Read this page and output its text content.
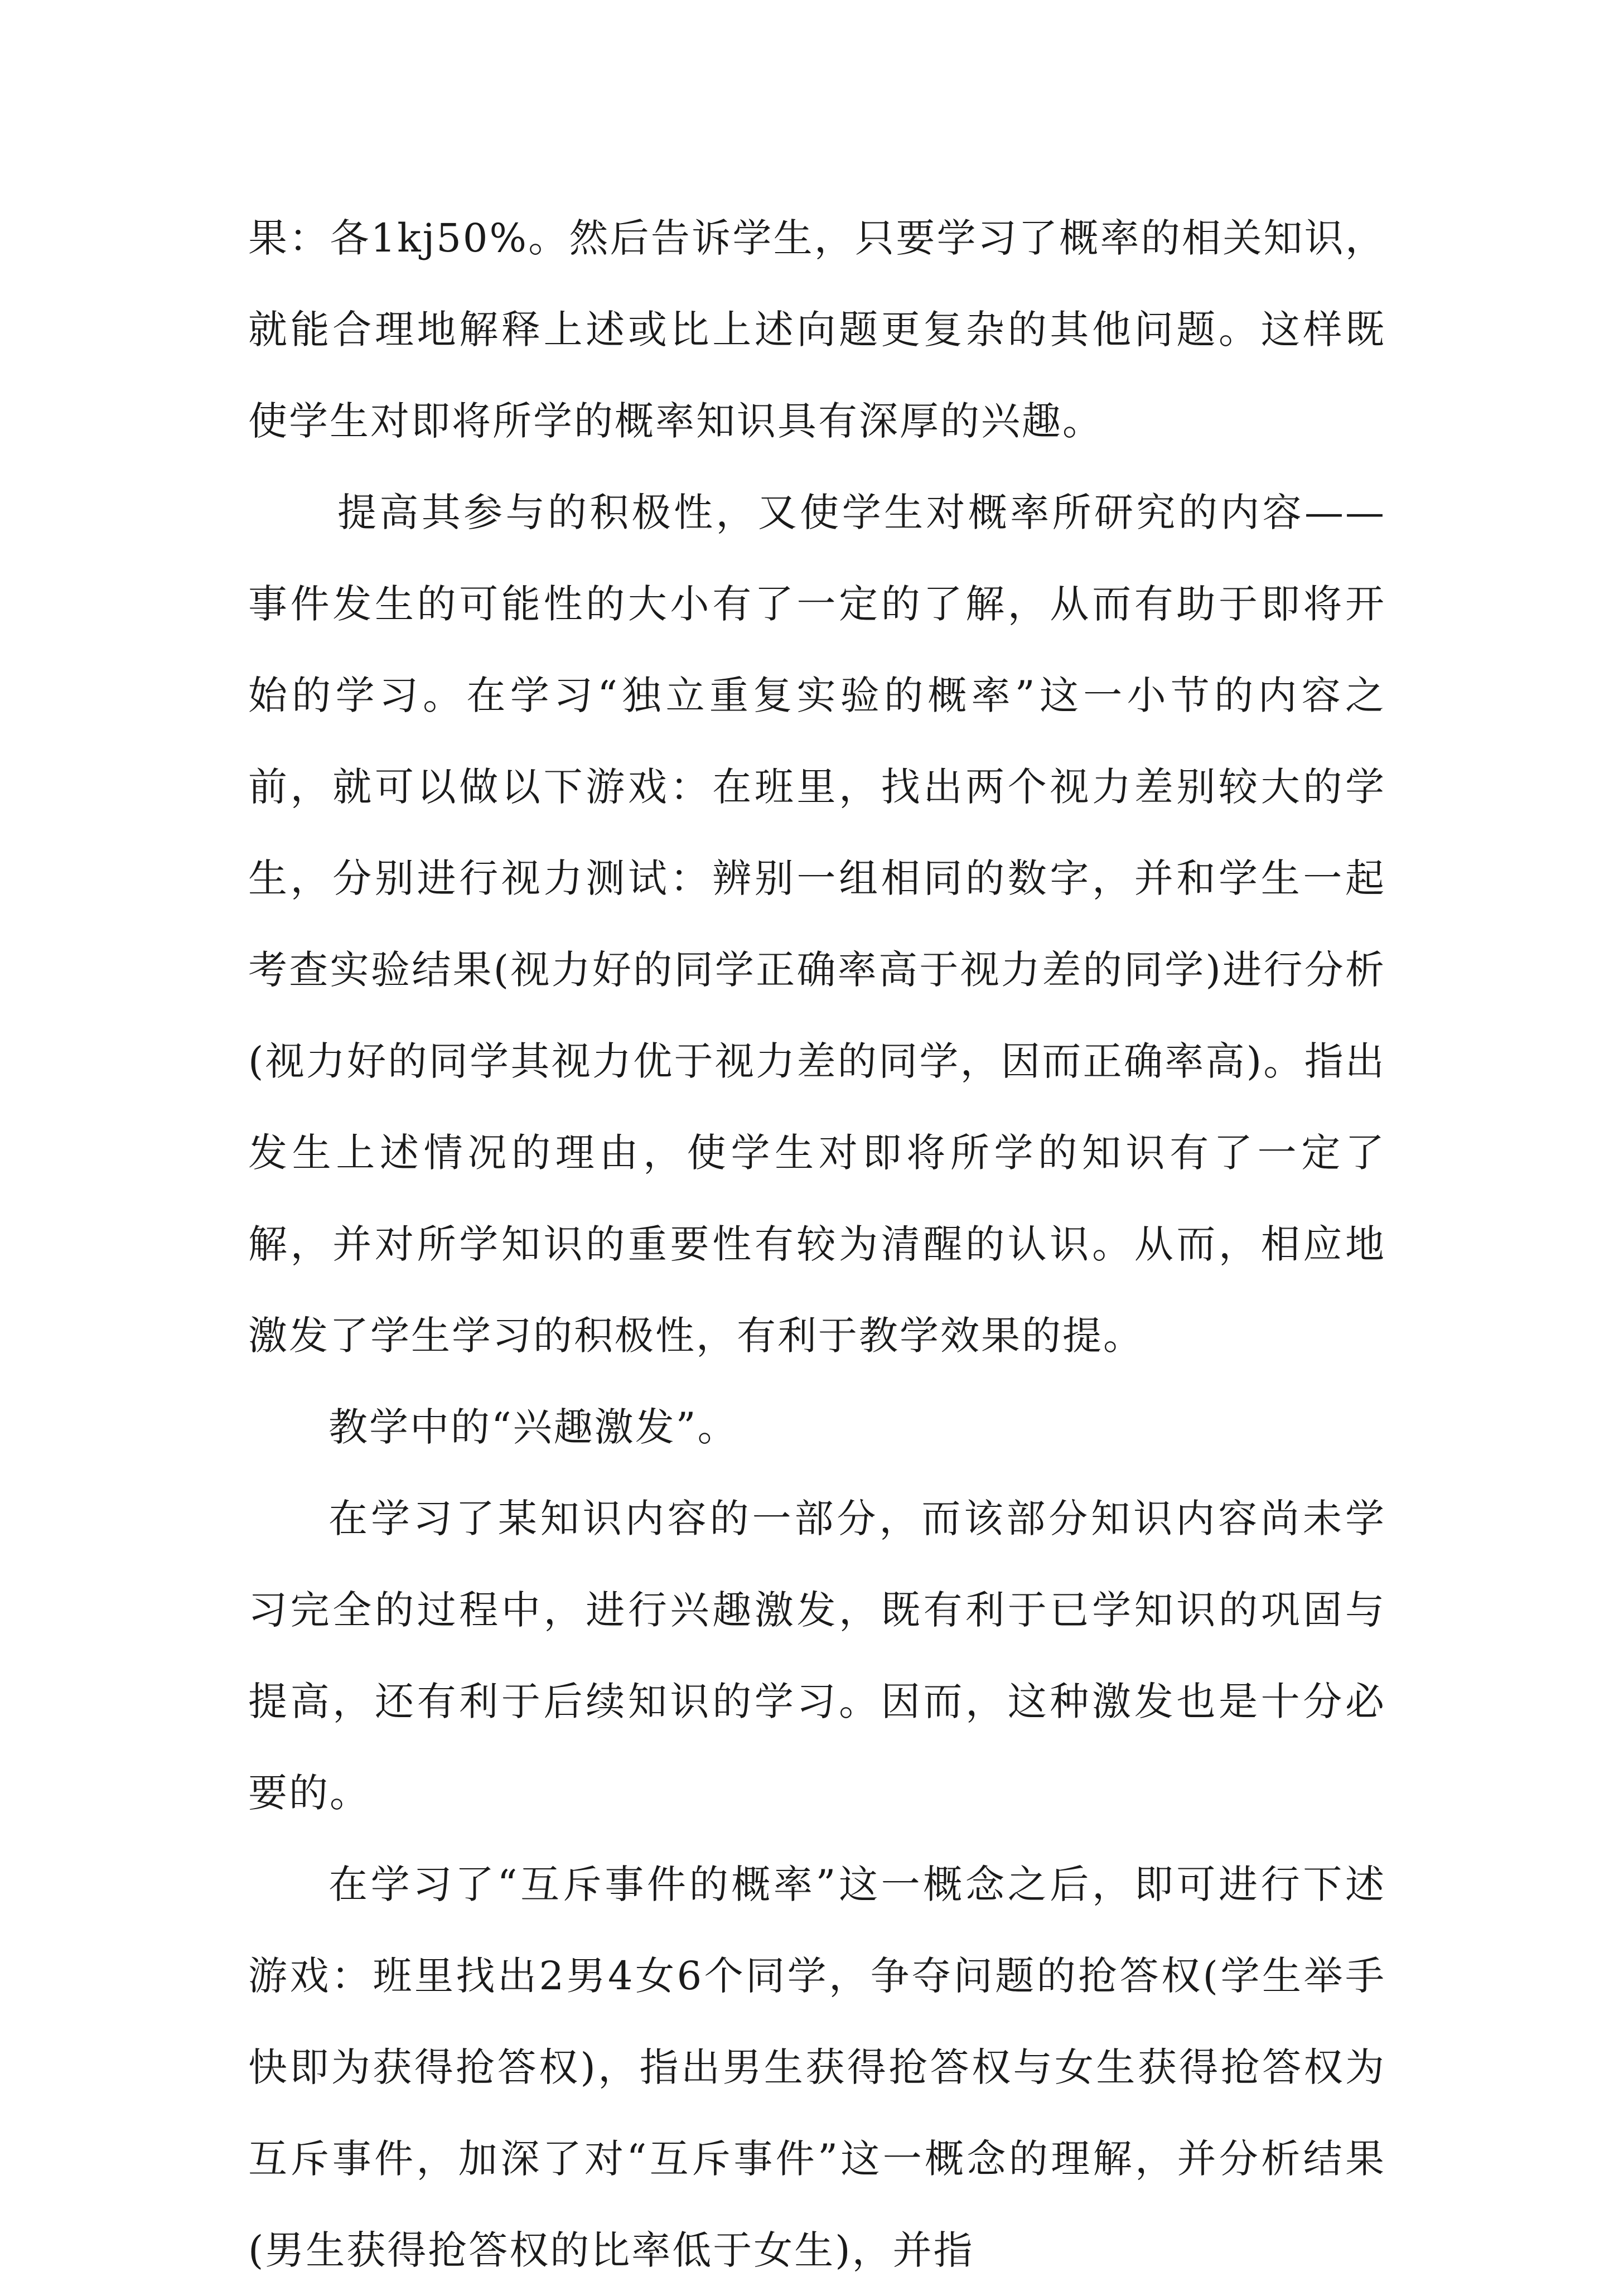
果：各1kj50%。然后告诉学生，只要学习了概率的相关知识，就能合理地解释上述或比上述向题更复杂的其他问题。这样既使学生对即将所学的概率知识具有深厚的兴趣。

提高其参与的积极性，又使学生对概率所研究的内容——事件发生的可能性的大小有了一定的了解，从而有助于即将开始的学习。在学习“独立重复实验的概率”这一小节的内容之前，就可以做以下游戏：在班里，找出两个视力差别较大的学生，分别进行视力测试：辨别一组相同的数字，并和学生一起考查实验结果(视力好的同学正确率高于视力差的同学)进行分析(视力好的同学其视力优于视力差的同学，因而正确率高)。指出发生上述情况的理由，使学生对即将所学的知识有了一定了解，并对所学知识的重要性有较为清醒的认识。从而，相应地激发了学生学习的积极性，有利于教学效果的提。

教学中的“兴趣激发”。

在学习了某知识内容的一部分，而该部分知识内容尚未学习完全的过程中，进行兴趣激发，既有利于已学知识的巩固与提高，还有利于后续知识的学习。因而，这种激发也是十分必要的。

在学习了“互斥事件的概率”这一概念之后，即可进行下述游戏：班里找出2男4女6个同学，争夺问题的抢答权(学生举手快即为获得抢答权)，指出男生获得抢答权与女生获得抢答权为互斥事件，加深了对“互斥事件”这一概念的理解，并分析结果(男生获得抢答权的比率低于女生)，并指
